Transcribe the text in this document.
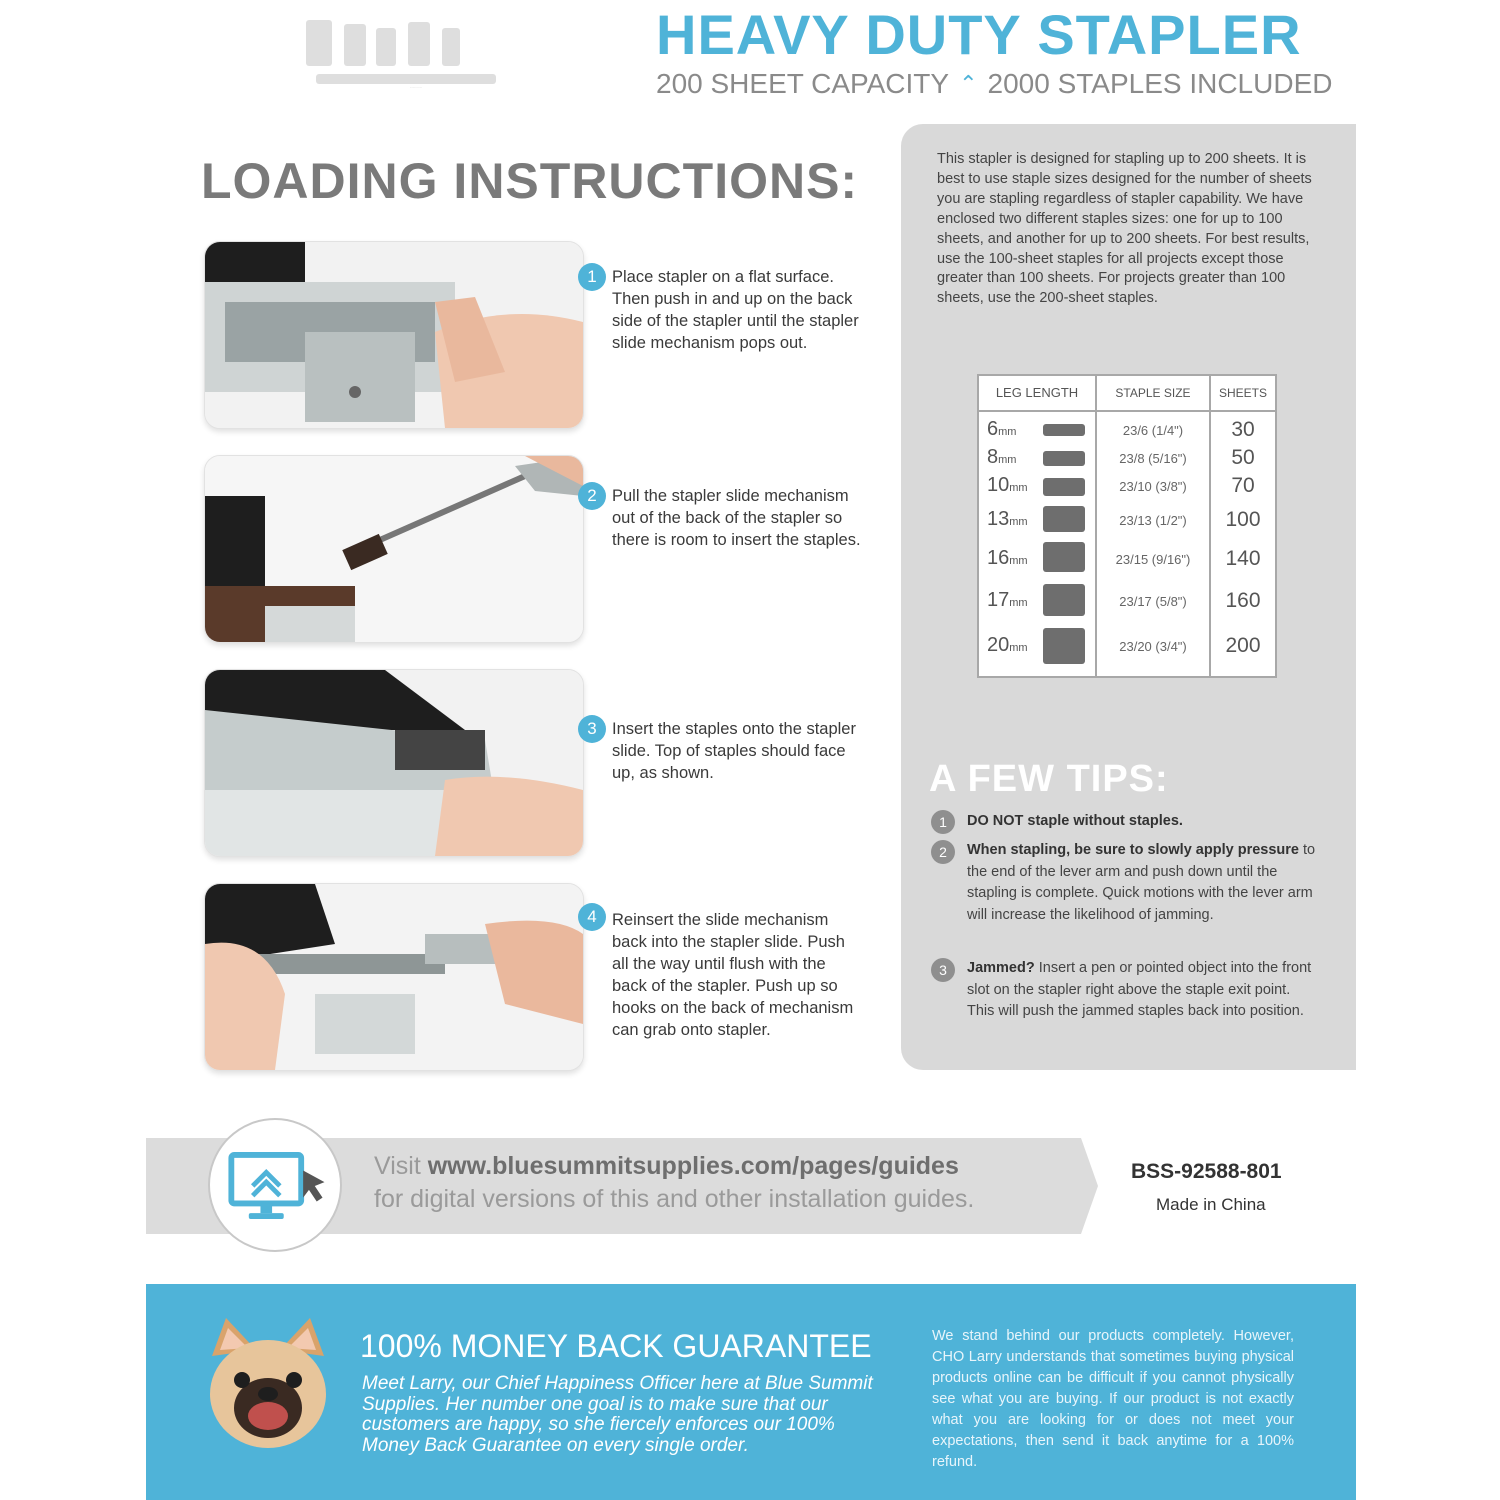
BLUE SUMMIT SUPPLIES
HEAVY DUTY STAPLER
200 SHEET CAPACITY ⌃ 2000 STAPLES INCLUDED
LOADING INSTRUCTIONS:
1 Place stapler on a flat surface. Then push in and up on the back side of the stapler until the stapler slide mechanism pops out.
2 Pull the stapler slide mechanism out of the back of the stapler so there is room to insert the staples.
3 Insert the staples onto the stapler slide. Top of staples should face up, as shown.
4 Reinsert the slide mechanism back into the stapler slide. Push all the way until flush with the back of the stapler. Push up so hooks on the back of mechanism can grab onto stapler.
This stapler is designed for stapling up to 200 sheets. It is best to use staple sizes designed for the number of sheets you are stapling regardless of stapler capability. We have enclosed two different staples sizes: one for up to 100 sheets, and another for up to 200 sheets. For best results, use the 100-sheet staples for all projects except those greater than 100 sheets. For projects greater than 100 sheets, use the 200-sheet staples.
LEG LENGTH	STAPLE SIZE	SHEETS
6mm	23/6 (1/4")	30
8mm	23/8 (5/16")	50
10mm	23/10 (3/8")	70
13mm	23/13 (1/2")	100
16mm	23/15 (9/16")	140
17mm	23/17 (5/8")	160
20mm	23/20 (3/4")	200
A FEW TIPS:
1	DO NOT staple without staples.
2	When stapling, be sure to slowly apply pressure to the end of the lever arm and push down until the stapling is complete. Quick motions with the lever arm will increase the likelihood of jamming.
3	Jammed? Insert a pen or pointed object into the front slot on the stapler right above the staple exit point. This will push the jammed staples back into position.
Visit www.bluesummitsupplies.com/pages/guides
for digital versions of this and other installation guides.
BSS-92588-801
Made in China
100% MONEY BACK GUARANTEE
Meet Larry, our Chief Happiness Officer here at Blue Summit Supplies. Her number one goal is to make sure that our customers are happy, so she fiercely enforces our 100% Money Back Guarantee on every single order.
We stand behind our products completely. However, CHO Larry understands that sometimes buying physical products online can be difficult if you cannot physically see what you are buying. If our product is not exactly what you are looking for or does not meet your expectations, then send it back anytime for a 100% refund.
